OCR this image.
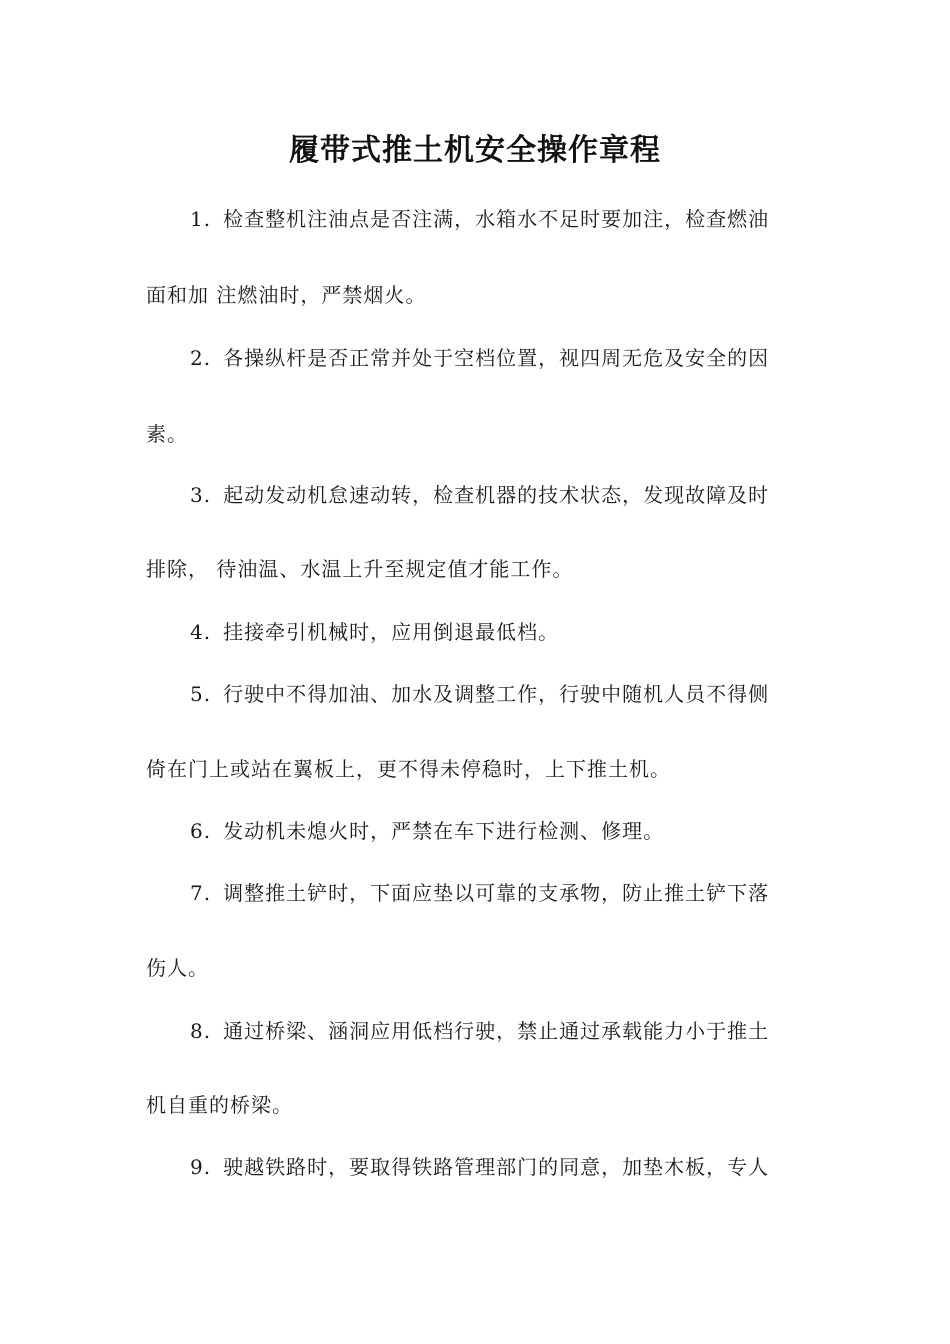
履带式推土机安全操作章程
1. 检查整机注油点是否注满，水箱水不足时要加注，检查燃油
面和加 注燃油时，严禁烟火。
2. 各操纵杆是否正常并处于空档位置，视四周无危及安全的因
素。
3. 起动发动机怠速动转，检查机器的技术状态，发现故障及时
排除， 待油温、水温上升至规定值才能工作。
4. 挂接牵引机械时，应用倒退最低档。
5. 行驶中不得加油、加水及调整工作，行驶中随机人员不得侧
倚在门上或站在翼板上，更不得未停稳时，上下推土机。
6. 发动机未熄火时，严禁在车下进行检测、修理。
7. 调整推土铲时，下面应垫以可靠的支承物，防止推土铲下落
伤人。
8. 通过桥梁、涵洞应用低档行驶，禁止通过承载能力小于推土
机自重的桥梁。
9. 驶越铁路时，要取得铁路管理部门的同意，加垫木板，专人
